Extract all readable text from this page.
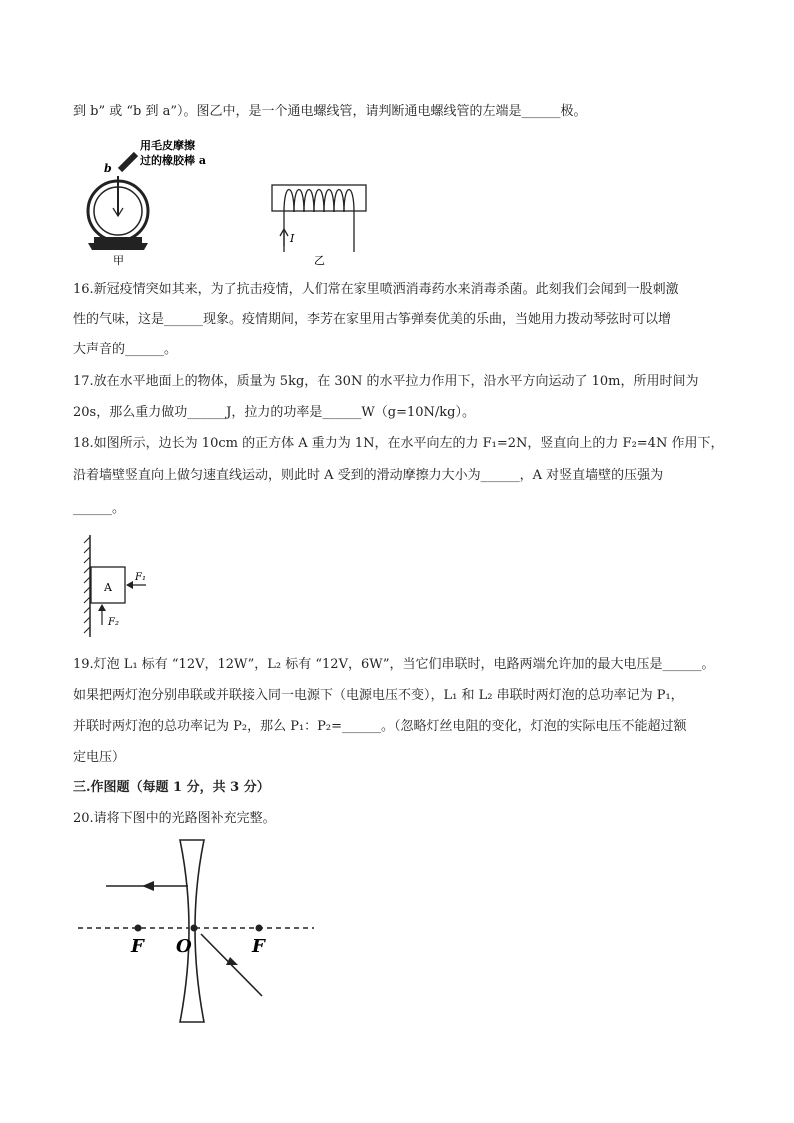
到 b” 或 “b 到 a”）。图乙中，是一个通电螺线管，请判断通电螺线管的左端是______极。
b
用毛皮摩擦
过的橡胶棒 a
甲
I
乙
16.新冠疫情突如其来，为了抗击疫情，人们常在家里喷洒消毒药水来消毒杀菌。此刻我们会闻到一股刺激
性的气味，这是______现象。疫情期间，李芳在家里用古筝弹奏优美的乐曲，当她用力拨动琴弦时可以增
大声音的______。
17.放在水平地面上的物体，质量为 5kg，在 30N 的水平拉力作用下，沿水平方向运动了 10m，所用时间为
20s，那么重力做功______J，拉力的功率是______W（g=10N/kg）。
18.如图所示，边长为 10cm 的正方体 A 重力为 1N，在水平向左的力 F₁=2N，竖直向上的力 F₂=4N 作用下，
沿着墙壁竖直向上做匀速直线运动，则此时 A 受到的滑动摩擦力大小为______，A 对竖直墙壁的压强为
______。
A
F₁
F₂
19.灯泡 L₁ 标有 “12V，12W”，L₂ 标有 “12V，6W”，当它们串联时，电路两端允许加的最大电压是______。
如果把两灯泡分别串联或并联接入同一电源下（电源电压不变），L₁ 和 L₂ 串联时两灯泡的总功率记为 P₁，
并联时两灯泡的总功率记为 P₂，那么 P₁：P₂=______。（忽略灯丝电阻的变化，灯泡的实际电压不能超过额
定电压）
三.作图题（每题 1 分，共 3 分）
20.请将下图中的光路图补充完整。
F O	F
